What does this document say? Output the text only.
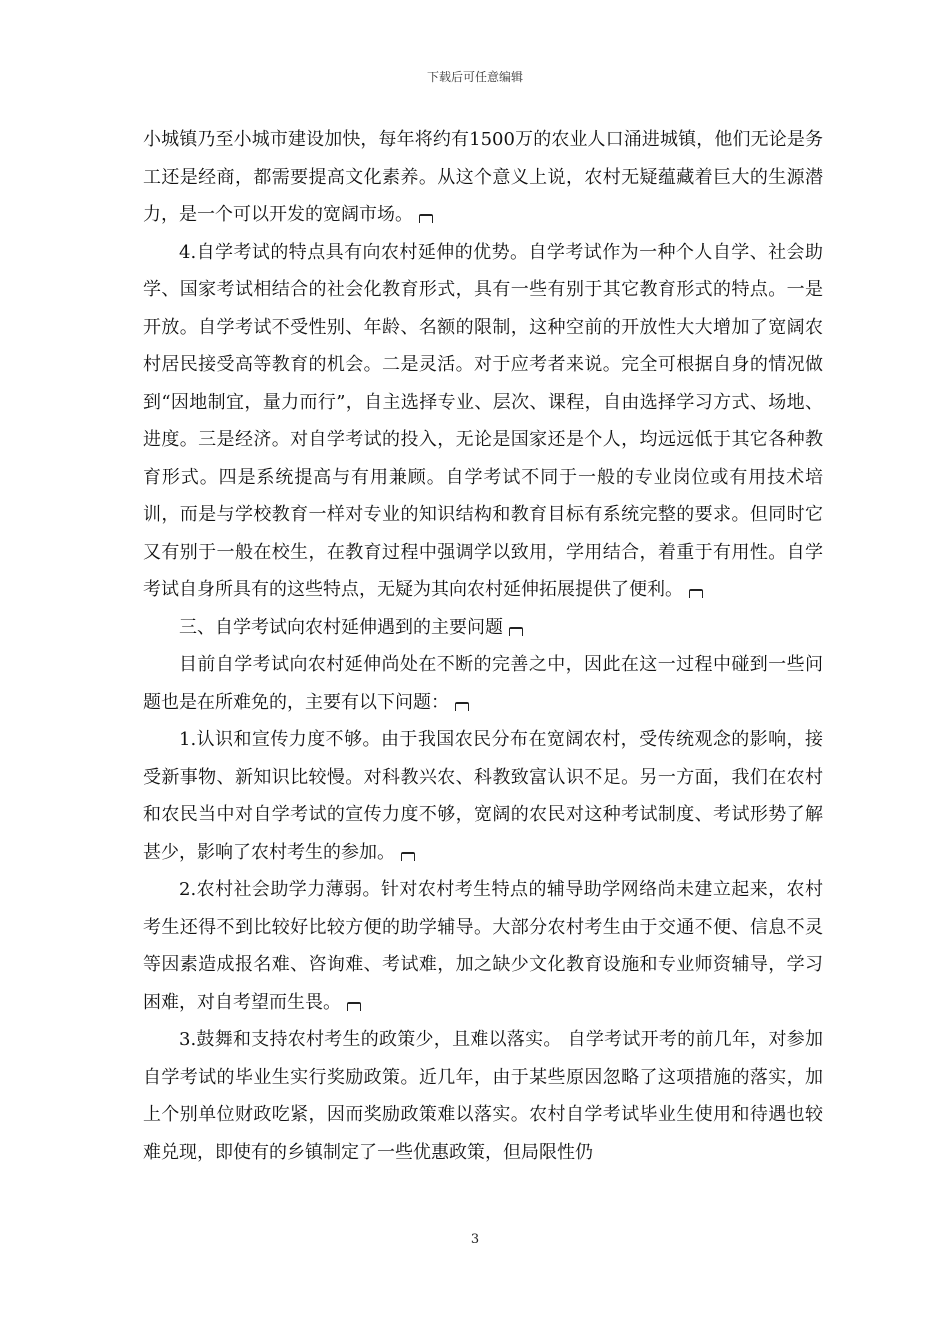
下载后可任意编辑

小城镇乃至小城市建设加快，每年将约有1500万的农业人口涌进城镇，他们无论是务工还是经商，都需要提高文化素养。从这个意义上说，农村无疑蕴藏着巨大的生源潜力，是一个可以开发的宽阔市场。

4.自学考试的特点具有向农村延伸的优势。自学考试作为一种个人自学、社会助学、国家考试相结合的社会化教育形式，具有一些有别于其它教育形式的特点。一是开放。自学考试不受性别、年龄、名额的限制，这种空前的开放性大大增加了宽阔农村居民接受高等教育的机会。二是灵活。对于应考者来说。完全可根据自身的情况做到“因地制宜，量力而行”，自主选择专业、层次、课程，自由选择学习方式、场地、进度。三是经济。对自学考试的投入，无论是国家还是个人，均远远低于其它各种教育形式。四是系统提高与有用兼顾。自学考试不同于一般的专业岗位或有用技术培训，而是与学校教育一样对专业的知识结构和教育目标有系统完整的要求。但同时它又有别于一般在校生，在教育过程中强调学以致用，学用结合，着重于有用性。自学考试自身所具有的这些特点，无疑为其向农村延伸拓展提供了便利。

三、自学考试向农村延伸遇到的主要问题

目前自学考试向农村延伸尚处在不断的完善之中，因此在这一过程中碰到一些问题也是在所难免的，主要有以下问题：

1.认识和宣传力度不够。由于我国农民分布在宽阔农村，受传统观念的影响，接受新事物、新知识比较慢。对科教兴农、科教致富认识不足。另一方面，我们在农村和农民当中对自学考试的宣传力度不够，宽阔的农民对这种考试制度、考试形势了解甚少，影响了农村考生的参加。

2.农村社会助学力薄弱。针对农村考生特点的辅导助学网络尚未建立起来，农村考生还得不到比较好比较方便的助学辅导。大部分农村考生由于交通不便、信息不灵等因素造成报名难、咨询难、考试难，加之缺少文化教育设施和专业师资辅导，学习困难，对自考望而生畏。

3.鼓舞和支持农村考生的政策少，且难以落实。 自学考试开考的前几年，对参加自学考试的毕业生实行奖励政策。近几年，由于某些原因忽略了这项措施的落实，加上个别单位财政吃紧，因而奖励政策难以落实。农村自学考试毕业生使用和待遇也较难兑现，即使有的乡镇制定了一些优惠政策，但局限性仍

3
